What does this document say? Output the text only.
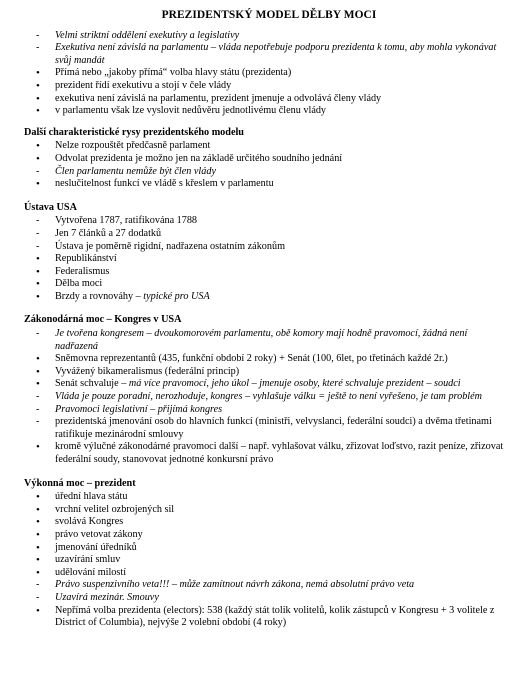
PREZIDENTSKÝ MODEL DĚLBY MOCI
-
Velmi striktní oddělení exekutivy a legislativy
-
Exekutiva není závislá na parlamentu – vláda nepotřebuje podporu prezidenta k tomu, aby mohla vykonávat svůj mandát
•
Přímá nebo „jakoby přímá“ volba hlavy státu (prezidenta)
•
prezident řídí exekutivu a stojí v čele vlády
•
exekutiva není závislá na parlamentu, prezident jmenuje a odvolává členy vlády
•
v parlamentu však lze vyslovit nedůvěru jednotlivému členu vlády
Další charakteristické rysy prezidentského modelu
•
Nelze rozpouštět předčasně parlament
•
Odvolat prezidenta je možno jen na základě určitého soudního jednání
-
Člen parlamentu nemůže být člen vlády
•
neslučitelnost funkcí ve vládě s křeslem v parlamentu
Ústava USA
-
Vytvořena 1787, ratifikována 1788
-
Jen 7 článků a 27 dodatků
-
Ústava je poměrně rigidní, nadřazena ostatním zákonům
•
Republikánství
•
Federalismus
•
Dělba moci
•
Brzdy a rovnováhy – typické pro USA
Zákonodárná moc – Kongres v USA
-
Je tvořena kongresem – dvoukomorovém parlamentu, obě komory mají hodně pravomocí, žádná není nadřazená
•
Sněmovna reprezentantů (435, funkční období 2 roky) + Senát (100, 6let, po třetinách každé 2r.)
•
Vyvážený bikameralismus (federální princip)
•
Senát schvaluje – má více pravomocí, jeho úkol – jmenuje osoby, které schvaluje prezident – soudci
-
Vláda je pouze poradní, nerozhoduje, kongres – vyhlašuje válku = ještě to není vyřešeno, je tam problém
-
Pravomoci legislativní – přijímá kongres
-
prezidentská jmenování osob do hlavních funkcí (ministři, velvyslanci, federální soudci) a dvěma třetinami ratifikuje mezinárodní smlouvy
•
kromě výlučné zákonodárné pravomoci další – např. vyhlašovat válku, zřizovat loďstvo, razit peníze, zřizovat federální soudy, stanovovat jednotné konkursní právo
Výkonná moc – prezident
•
úřední hlava státu
•
vrchní velitel ozbrojených sil
•
svolává Kongres
•
právo vetovat zákony
•
jmenování úředníků
•
uzavírání smluv
•
udělování milostí
-
Právo suspenzivního veta!!! – může zamítnout návrh zákona, nemá absolutní právo veta
-
Uzavírá mezinár. Smouvy
•
Nepřímá volba prezidenta (electors): 538 (každý stát tolik volitelů, kolik zástupců v Kongresu + 3 volitele z District of Columbia), nejvýše 2 volební období (4 roky)
